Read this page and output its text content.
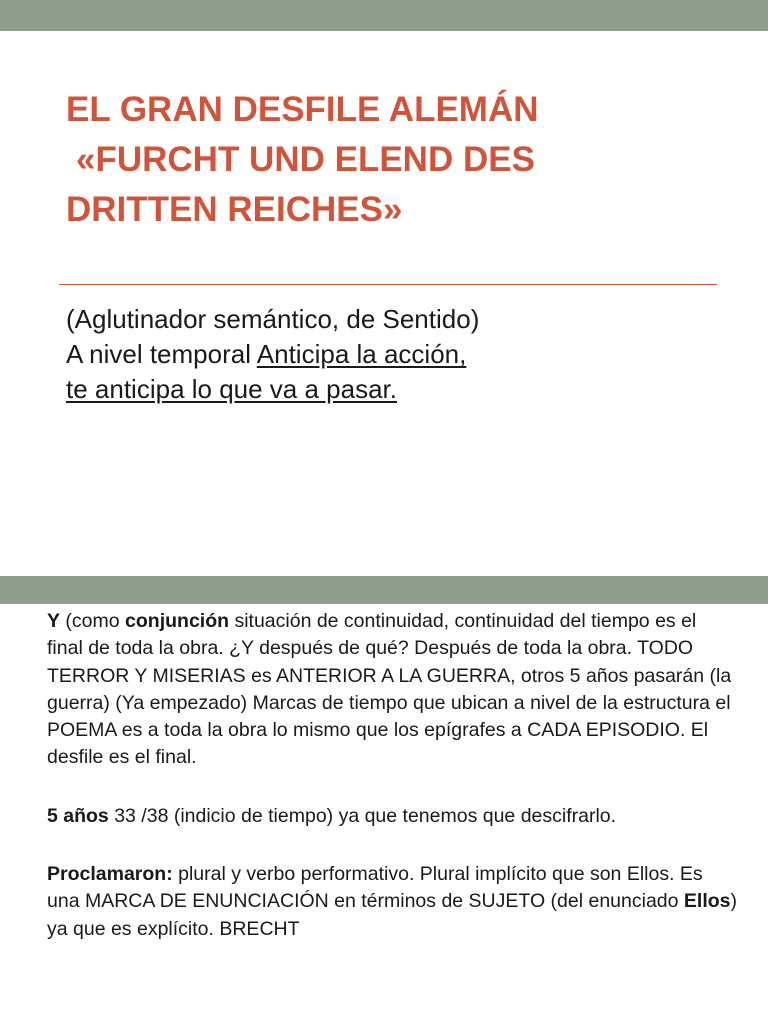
EL GRAN DESFILE ALEMÁN
«FURCHT UND ELEND DES
DRITTEN REICHES»
(Aglutinador semántico, de Sentido)
A nivel temporal Anticipa la acción,
te anticipa lo que va a pasar.

Y (como conjunción situación de continuidad, continuidad del tiempo es el final de toda la obra. ¿Y después de qué? Después de toda la obra. TODO TERROR Y MISERIAS es ANTERIOR A LA GUERRA, otros 5 años pasarán (la guerra) (Ya empezado) Marcas de tiempo que ubican a nivel de la estructura el POEMA es a toda la obra lo mismo que los epígrafes a CADA EPISODIO. El desfile es el final.

5 años 33 /38 (indicio de tiempo) ya que tenemos que descifrarlo.

Proclamaron: plural y verbo performativo. Plural implícito que son Ellos. Es una MARCA DE ENUNCIACIÓN en términos de SUJETO (del enunciado Ellos) ya que es explícito. BRECHT
